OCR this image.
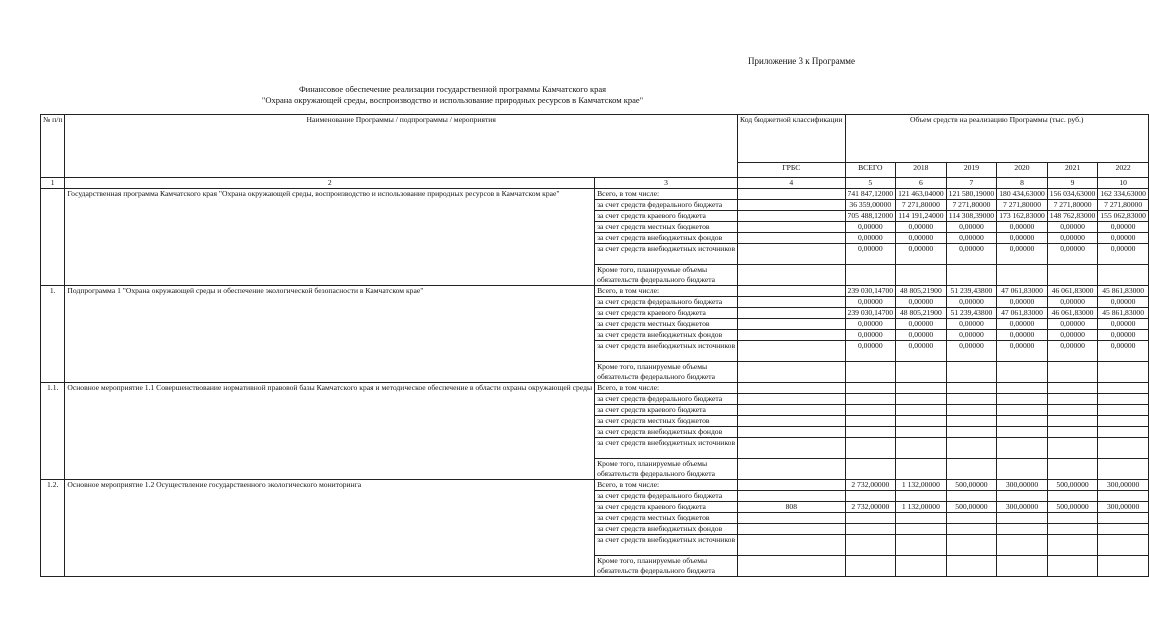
Приложение 3 к Программе
Финансовое обеспечение реализации государственной программы Камчатского края
"Охрана окружающей среды, воспроизводство и использование природных ресурсов в Камчатском крае"
№ п/п	Наименование Программы / подпрограммы / мероприятия		Код бюджетной классификации	Объем средств на реализацию Программы (тыс. руб.)					
			ГРБС	ВСЕГО	2018	2019	2020	2021	2022
1	2	3	4	5	6	7	8	9	10
	Государственная программа Камчатского края "Охрана окружающей среды, воспроизводство и использование природных ресурсов в Камчатском крае"	Всего, в том числе:		741 847,12000	121 463,04000	121 580,19000	180 434,63000	156 034,63000	162 334,63000
		за счет средств федерального бюджета		36 359,00000	7 271,80000	7 271,80000	7 271,80000	7 271,80000	7 271,80000
		за счет средств краевого бюджета		705 488,12000	114 191,24000	114 308,39000	173 162,83000	148 762,83000	155 062,83000
		за счет средств местных бюджетов		0,00000	0,00000	0,00000	0,00000	0,00000	0,00000
		за счет средств внебюджетных фондов		0,00000	0,00000	0,00000	0,00000	0,00000	0,00000
		за счет средств внебюджетных источников		0,00000	0,00000	0,00000	0,00000	0,00000	0,00000
		Кроме того, планируемые объемы обязательств федерального бюджета							
1.	Подпрограмма 1 "Охрана окружающей среды и обеспечение экологической безопасности в Камчатском крае"	Всего, в том числе:		239 030,14700	48 805,21900	51 239,43800	47 061,83000	46 061,83000	45 861,83000
		за счет средств федерального бюджета		0,00000	0,00000	0,00000	0,00000	0,00000	0,00000
		за счет средств краевого бюджета		239 030,14700	48 805,21900	51 239,43800	47 061,83000	46 061,83000	45 861,83000
		за счет средств местных бюджетов		0,00000	0,00000	0,00000	0,00000	0,00000	0,00000
		за счет средств внебюджетных фондов		0,00000	0,00000	0,00000	0,00000	0,00000	0,00000
		за счет средств внебюджетных источников		0,00000	0,00000	0,00000	0,00000	0,00000	0,00000
		Кроме того, планируемые объемы обязательств федерального бюджета							
1.1.	Основное мероприятие 1.1 Совершенствование нормативной правовой базы Камчатского края и методическое обеспечение в области охраны окружающей среды	Всего, в том числе:							
		за счет средств федерального бюджета							
		за счет средств краевого бюджета							
		за счет средств местных бюджетов							
		за счет средств внебюджетных фондов							
		за счет средств внебюджетных источников							
		Кроме того, планируемые объемы обязательств федерального бюджета							
1.2.	Основное мероприятие 1.2 Осуществление государственного экологического мониторинга	Всего, в том числе:		2 732,00000	1 132,00000	500,00000	300,00000	500,00000	300,00000
		за счет средств федерального бюджета							
		за счет средств краевого бюджета	808	2 732,00000	1 132,00000	500,00000	300,00000	500,00000	300,00000
		за счет средств местных бюджетов							
		за счет средств внебюджетных фондов							
		за счет средств внебюджетных источников							
		Кроме того, планируемые объемы обязательств федерального бюджета							
